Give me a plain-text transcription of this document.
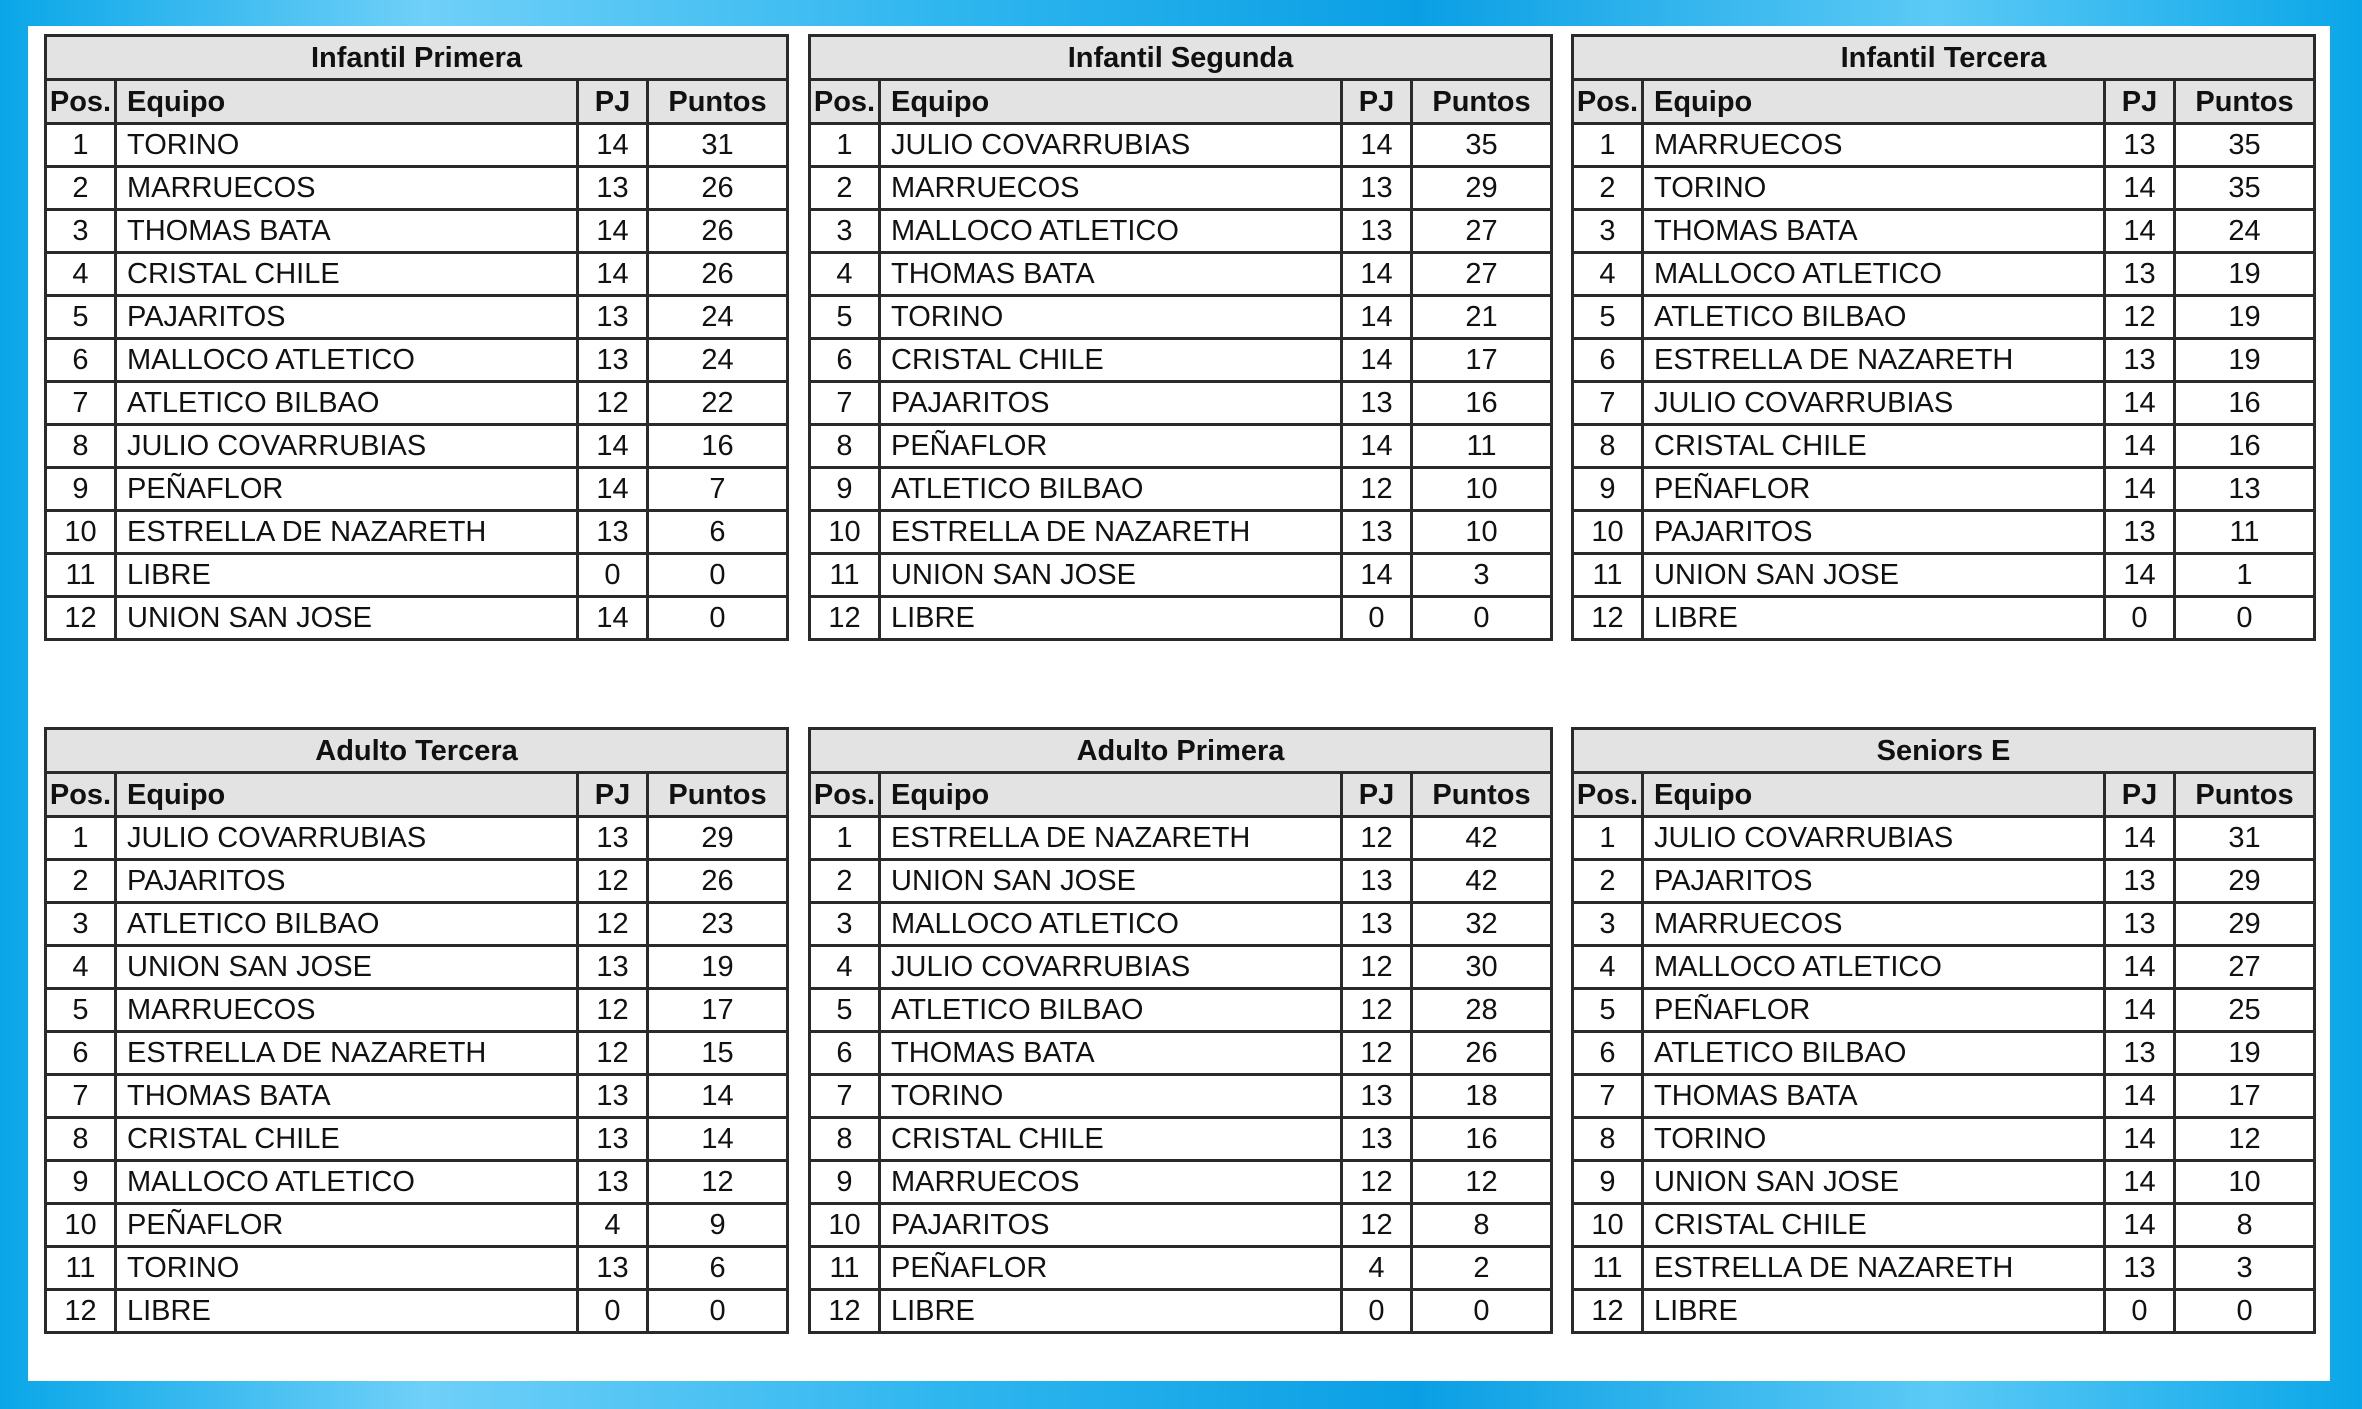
Infantil Primera			
Pos.	Equipo	PJ	Puntos
1	TORINO	14	31
2	MARRUECOS	13	26
3	THOMAS BATA	14	26
4	CRISTAL CHILE	14	26
5	PAJARITOS	13	24
6	MALLOCO ATLETICO	13	24
7	ATLETICO BILBAO	12	22
8	JULIO COVARRUBIAS	14	16
9	PEÑAFLOR	14	7
10	ESTRELLA DE NAZARETH	13	6
11	LIBRE	0	0
12	UNION SAN JOSE	14	0
Infantil Segunda			
Pos.	Equipo	PJ	Puntos
1	JULIO COVARRUBIAS	14	35
2	MARRUECOS	13	29
3	MALLOCO ATLETICO	13	27
4	THOMAS BATA	14	27
5	TORINO	14	21
6	CRISTAL CHILE	14	17
7	PAJARITOS	13	16
8	PEÑAFLOR	14	11
9	ATLETICO BILBAO	12	10
10	ESTRELLA DE NAZARETH	13	10
11	UNION SAN JOSE	14	3
12	LIBRE	0	0
Infantil Tercera			
Pos.	Equipo	PJ	Puntos
1	MARRUECOS	13	35
2	TORINO	14	35
3	THOMAS BATA	14	24
4	MALLOCO ATLETICO	13	19
5	ATLETICO BILBAO	12	19
6	ESTRELLA DE NAZARETH	13	19
7	JULIO COVARRUBIAS	14	16
8	CRISTAL CHILE	14	16
9	PEÑAFLOR	14	13
10	PAJARITOS	13	11
11	UNION SAN JOSE	14	1
12	LIBRE	0	0
Adulto Tercera			
Pos.	Equipo	PJ	Puntos
1	JULIO COVARRUBIAS	13	29
2	PAJARITOS	12	26
3	ATLETICO BILBAO	12	23
4	UNION SAN JOSE	13	19
5	MARRUECOS	12	17
6	ESTRELLA DE NAZARETH	12	15
7	THOMAS BATA	13	14
8	CRISTAL CHILE	13	14
9	MALLOCO ATLETICO	13	12
10	PEÑAFLOR	4	9
11	TORINO	13	6
12	LIBRE	0	0
Adulto Primera			
Pos.	Equipo	PJ	Puntos
1	ESTRELLA DE NAZARETH	12	42
2	UNION SAN JOSE	13	42
3	MALLOCO ATLETICO	13	32
4	JULIO COVARRUBIAS	12	30
5	ATLETICO BILBAO	12	28
6	THOMAS BATA	12	26
7	TORINO	13	18
8	CRISTAL CHILE	13	16
9	MARRUECOS	12	12
10	PAJARITOS	12	8
11	PEÑAFLOR	4	2
12	LIBRE	0	0
Seniors E			
Pos.	Equipo	PJ	Puntos
1	JULIO COVARRUBIAS	14	31
2	PAJARITOS	13	29
3	MARRUECOS	13	29
4	MALLOCO ATLETICO	14	27
5	PEÑAFLOR	14	25
6	ATLETICO BILBAO	13	19
7	THOMAS BATA	14	17
8	TORINO	14	12
9	UNION SAN JOSE	14	10
10	CRISTAL CHILE	14	8
11	ESTRELLA DE NAZARETH	13	3
12	LIBRE	0	0
